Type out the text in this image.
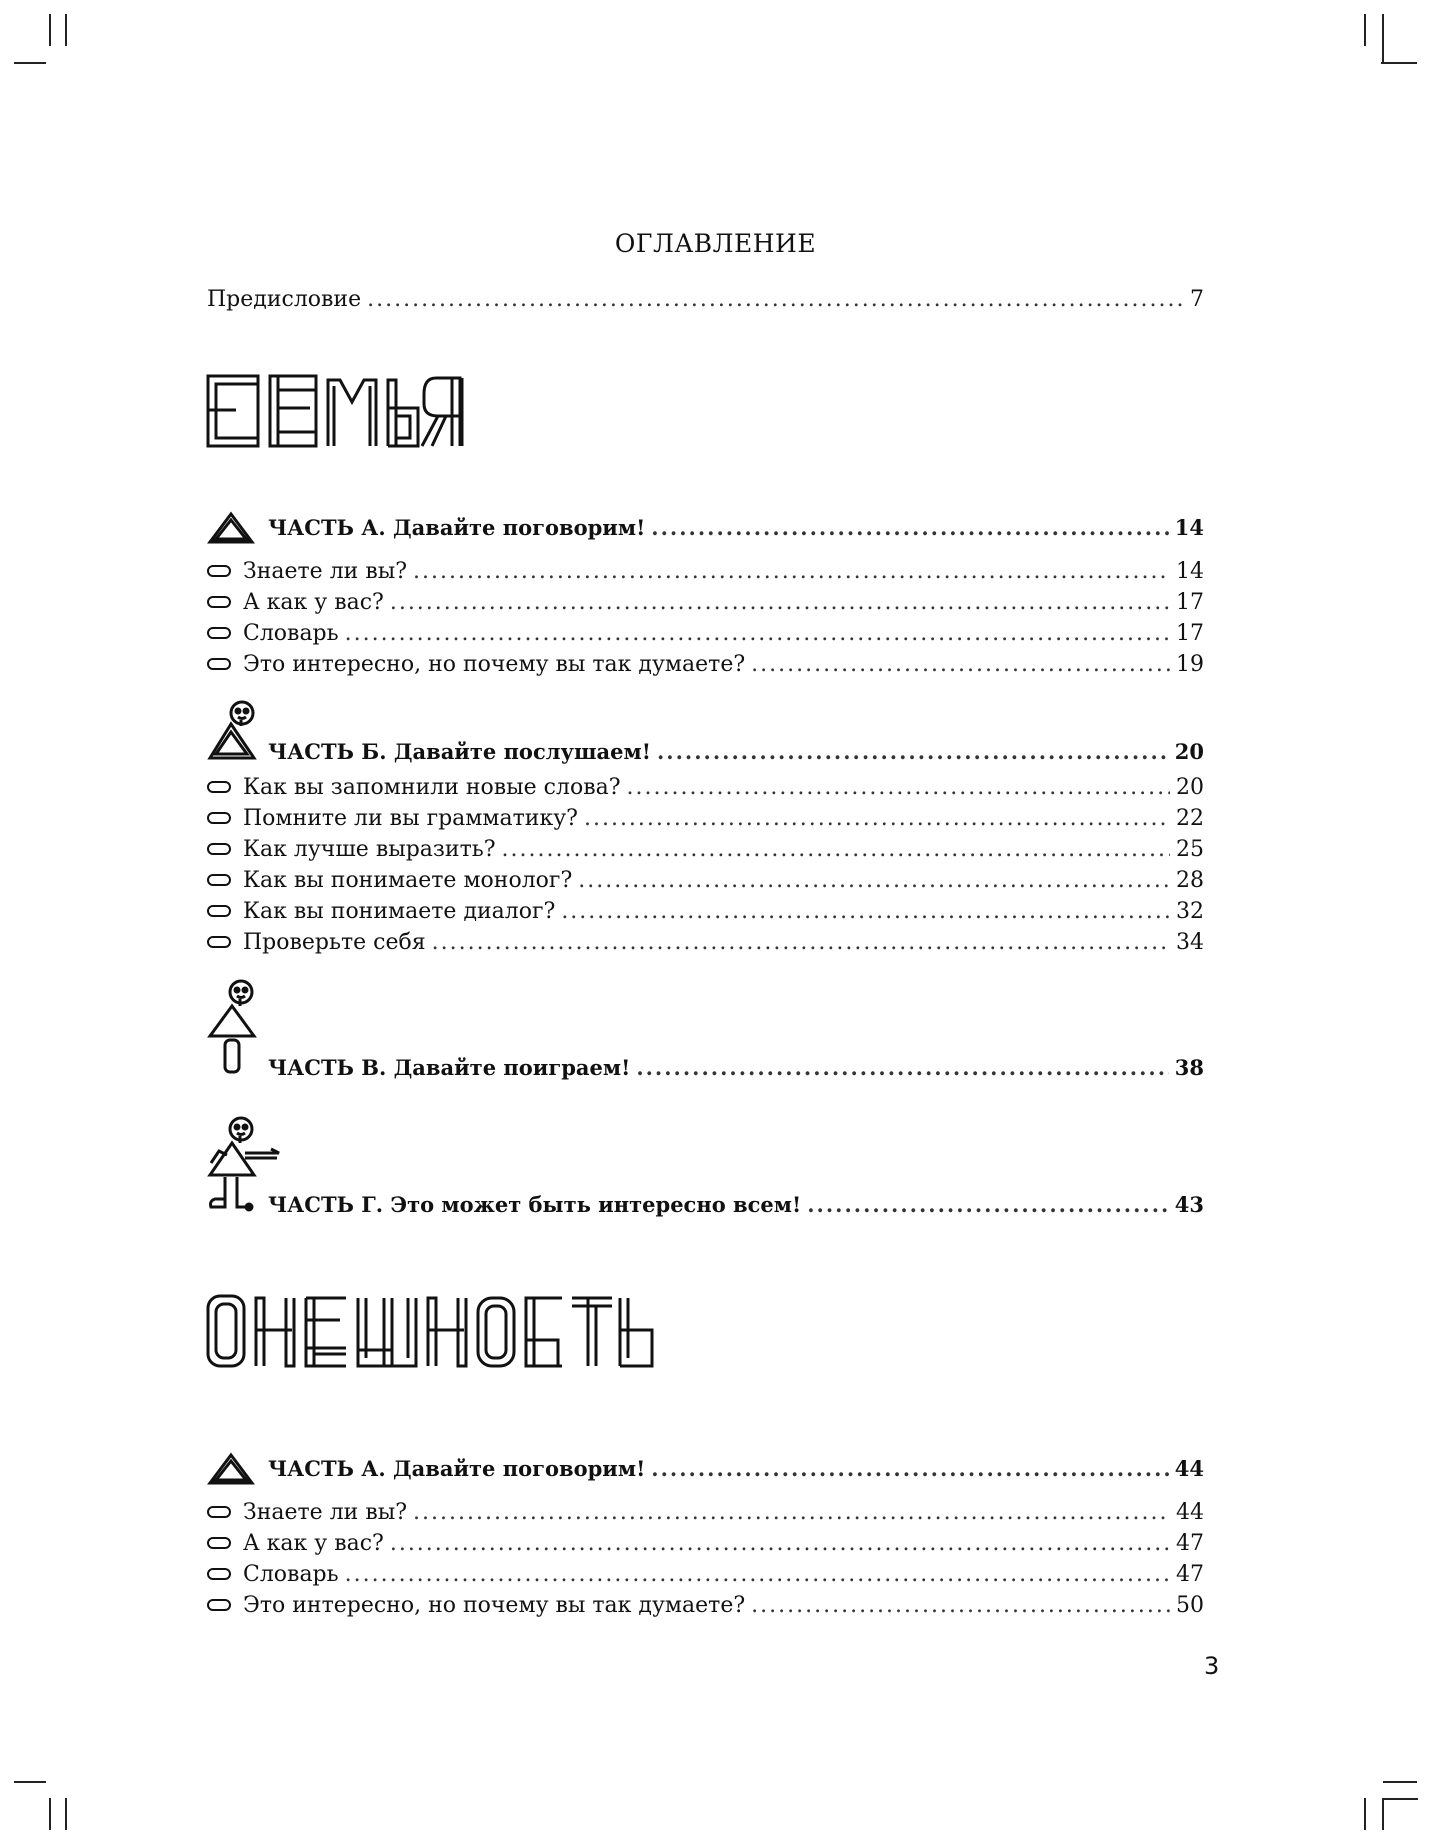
ОГЛАВЛЕНИЕ
Предисловие .....	7
ЧАСТЬ А. Давайте поговорим! .....	14
Знаете ли вы? .....	14
А как у вас? .....	17
Словарь .....	17
Это интересно, но почему вы так думаете? .....	19
ЧАСТЬ Б. Давайте послушаем! .....	20
Как вы запомнили новые слова? .....	20
Помните ли вы грамматику? .....	22
Как лучше выразить? .....	25
Как вы понимаете монолог? .....	28
Как вы понимаете диалог? .....	32
Проверьте себя .....	34
ЧАСТЬ В. Давайте поиграем! .....	38
ЧАСТЬ Г. Это может быть интересно всем! .....	43
ЧАСТЬ А. Давайте поговорим! .....	44
Знаете ли вы? .....	44
А как у вас? .....	47
Словарь .....	47
Это интересно, но почему вы так думаете? .....	50
3
